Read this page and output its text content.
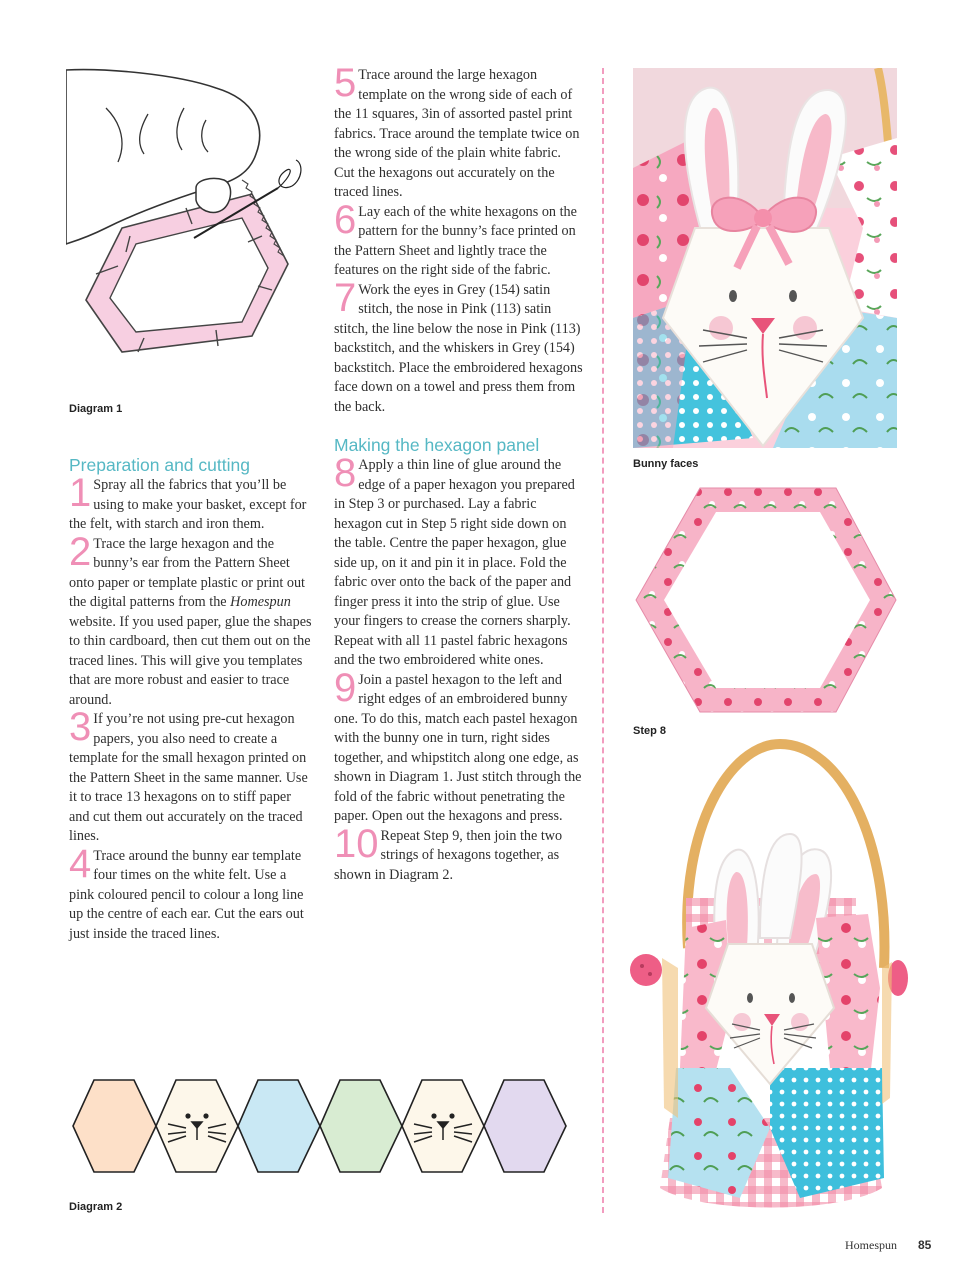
Diagram 1
Preparation and cutting

1 Spray all the fabrics that you’ll be using to make your basket, except for the felt, with starch and iron them.

2 Trace the large hexagon and the bunny’s ear from the Pattern Sheet onto paper or template plastic or print out the digital patterns from the Homespun website. If you used paper, glue the shapes to thin cardboard, then cut them out on the traced lines. This will give you templates that are more robust and easier to trace around.

3 If you’re not using pre-cut hexagon papers, you also need to create a template for the small hexagon printed on the Pattern Sheet in the same manner. Use it to trace 13 hexagons on to stiff paper and cut them out accurately on the traced lines.

4 Trace around the bunny ear template four times on the white felt. Use a pink coloured pencil to colour a long line up the centre of each ear. Cut the ears out just inside the traced lines.

5 Trace around the large hexagon template on the wrong side of each of the 11 squares, 3in of assorted pastel print fabrics. Trace around the template twice on the wrong side of the plain white fabric. Cut the hexagons out accurately on the traced lines.

6 Lay each of the white hexagons on the pattern for the bunny’s face printed on the Pattern Sheet and lightly trace the features on the right side of the fabric.

7 Work the eyes in Grey (154) satin stitch, the nose in Pink (113) satin stitch, the line below the nose in Pink (113) backstitch, and the whiskers in Grey (154) backstitch. Place the embroidered hexagons face down on a towel and press them from the back.

Making the hexagon panel

8 Apply a thin line of glue around the edge of a paper hexagon you prepared in Step 3 or purchased. Lay a fabric hexagon cut in Step 5 right side down on the table. Centre the paper hexagon, glue side up, on it and pin it in place. Fold the fabric over onto the back of the paper and finger press it into the strip of glue. Use your fingers to crease the corners sharply. Repeat with all 11 pastel fabric hexagons and the two embroidered white ones.

9 Join a pastel hexagon to the left and right edges of an embroidered bunny one. To do this, match each pastel hexagon with the bunny one in turn, right sides together, and whipstitch along one edge, as shown in Diagram 1. Just stitch through the fold of the fabric without penetrating the paper. Open out the hexagons and press.

10 Repeat Step 9, then join the two strings of hexagons together, as shown in Diagram 2.

Bunny faces
Step 8
Diagram 2
Homespun 85
